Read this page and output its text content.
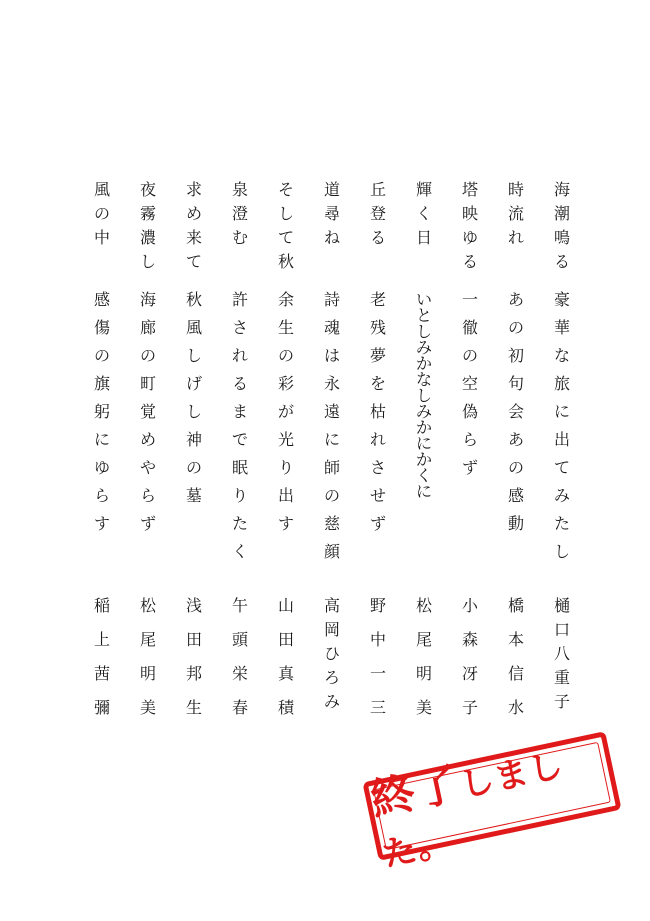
海
潮
鳴
る
豪
華
な
旅
に
出
て
み
た
し
樋
口
八
重
子
時
流
れ
あ
の
初
句
会
あ
の
感
動
橋
本
信
水
塔
映
ゆ
る
一
徹
の
空
偽
ら
ず
小
森
冴
子
輝
く
日
い
と
し
み
か
な
し
み
か
に
か
く
に
松
尾
明
美
丘
登
る
老
残
夢
を
枯
れ
さ
せ
ず
野
中
一
三
道
尋
ね
詩
魂
は
永
遠
に
師
の
慈
顔
高
岡
ひ
ろ
み
そ
し
て
秋
余
生
の
彩
が
光
り
出
す
山
田
真
積
泉
澄
む
許
さ
れ
る
ま
で
眠
り
た
く
午
頭
栄
春
求
め
来
て
秋
風
し
げ
し
神
の
墓
浅
田
邦
生
夜
霧
濃
し
海
廊
の
町
覚
め
や
ら
ず
松
尾
明
美
風
の
中
感
傷
の
旗
躬
に
ゆ
ら
す
稲
上
茜
彌
終了しました。
